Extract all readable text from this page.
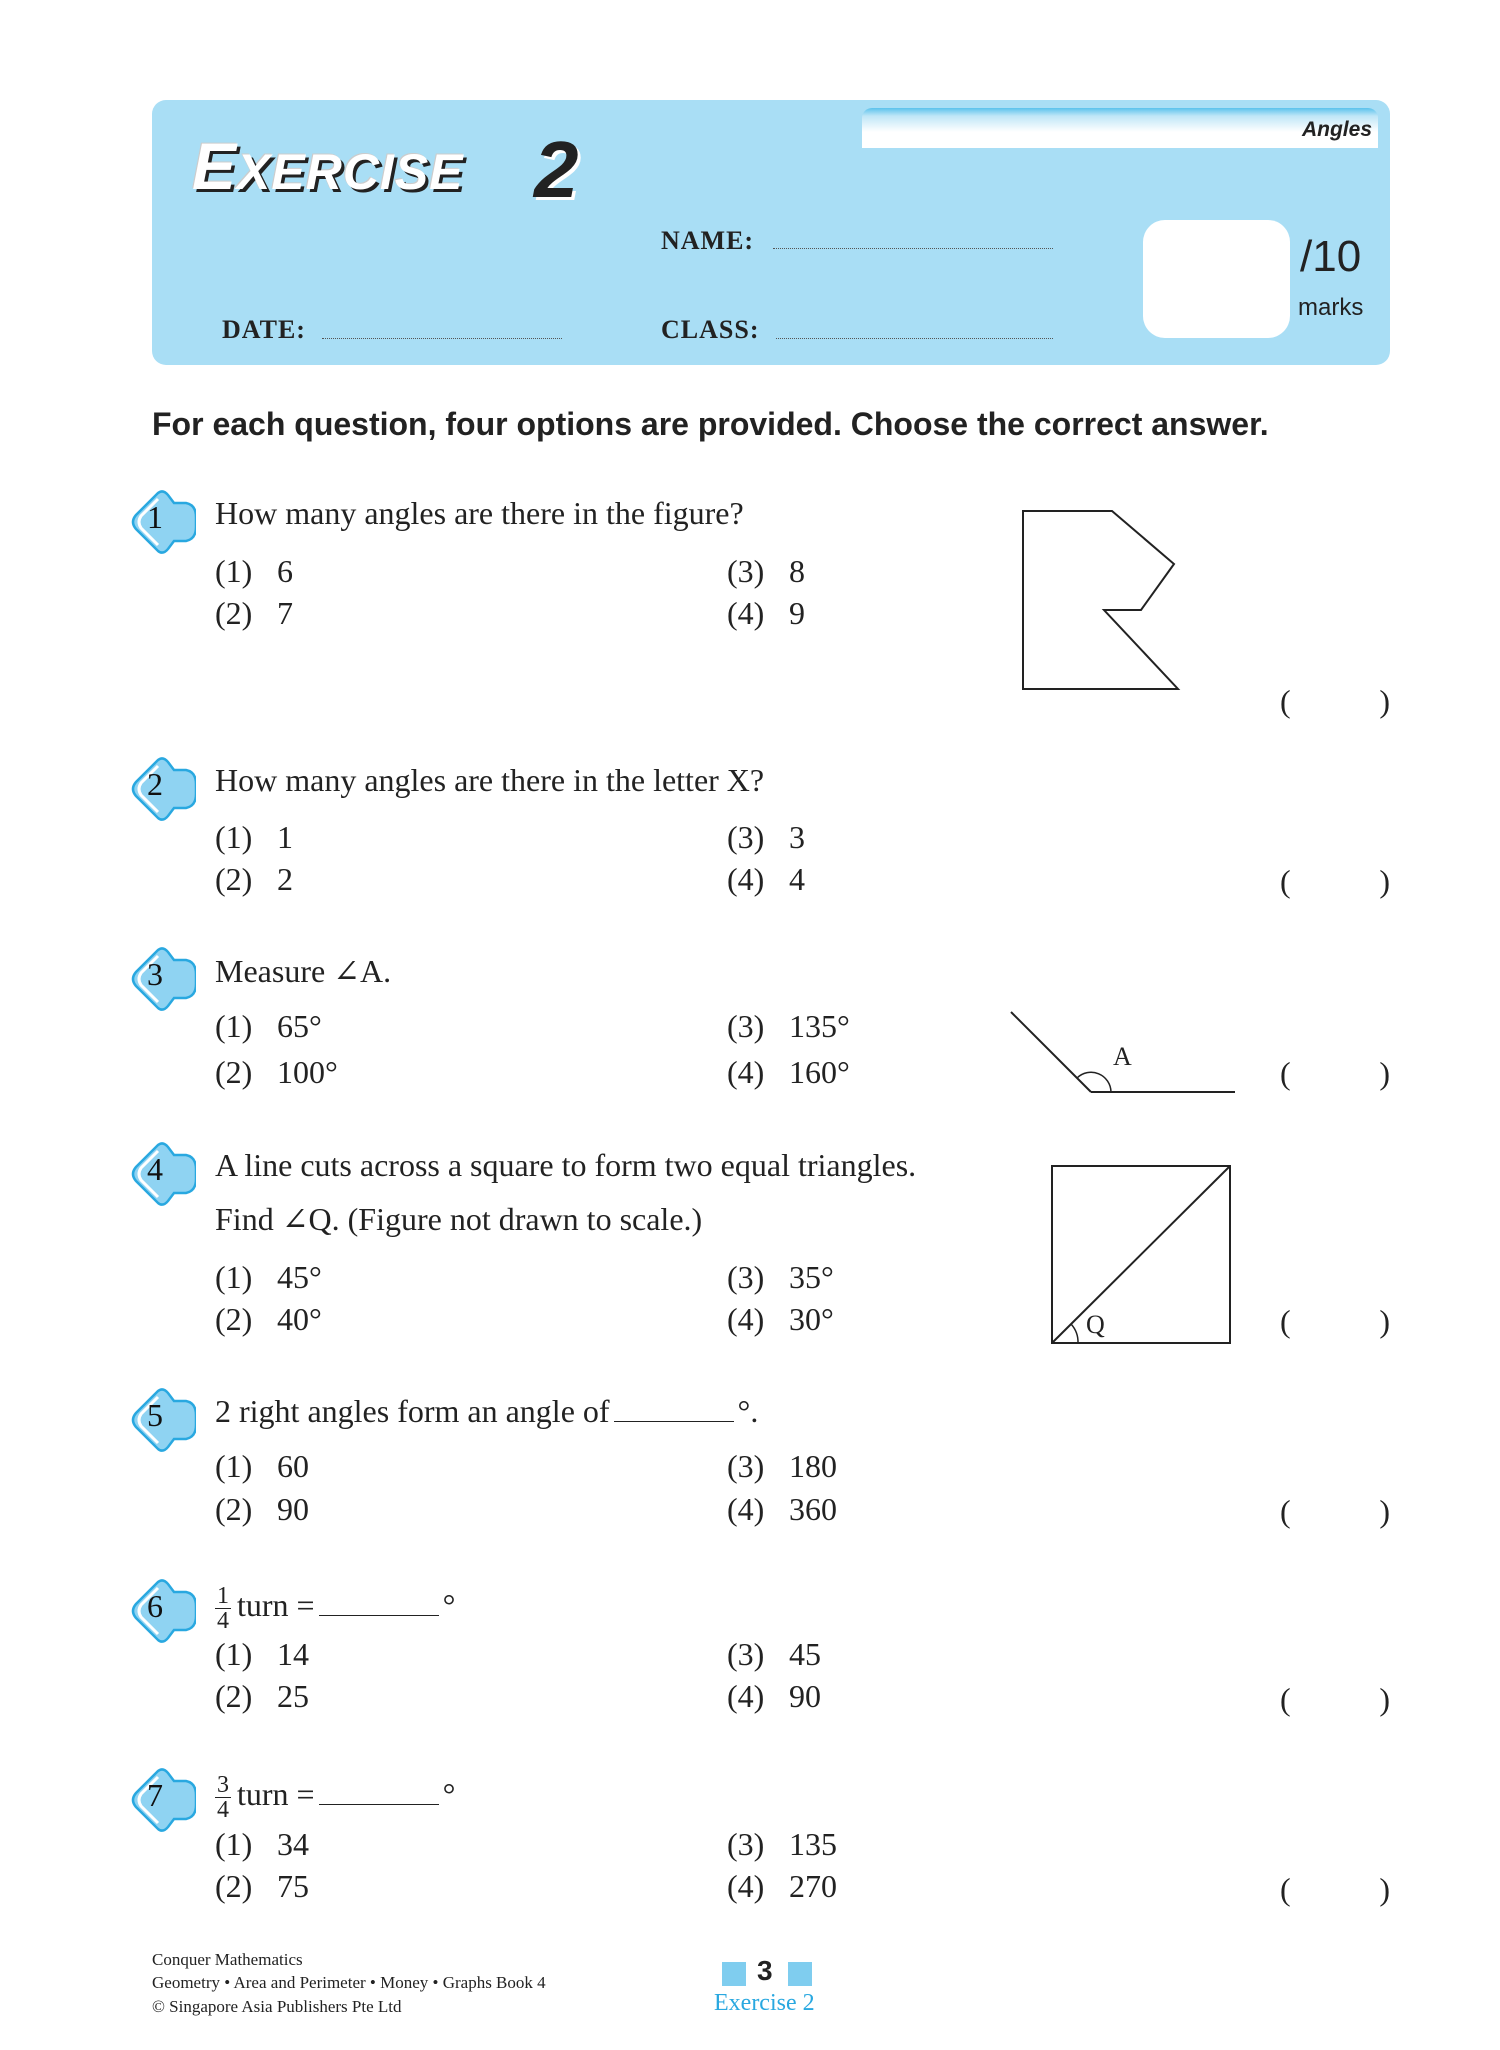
Angles
EXERCISE 2
NAME:
DATE:	CLASS:
/10
marks
For each question, four options are provided. Choose the correct answer.
1	How many angles are there in the figure?
(1) 6
(2) 7
(3) 8
(4) 9
(	)
2	How many angles are there in the letter X?
(1) 1
(2) 2
(3) 3
(4) 4	(	)
3	Measure ∠A.
(1) 65°
(2) 100°
(3) 135°
(4) 160°	(	)
4	A line cuts across a square to form two equal triangles.
Find ∠Q. (Figure not drawn to scale.)
(1) 45°
(2) 40°
(3) 35°
(4) 30°	(	)
5	2 right angles form an angle of	°.
(1) 60
(2) 90
(3) 180
(4) 360	(	)
6	$\frac{1}{4}$ turn =	°
(1) 14
(2) 25
(3) 45
(4) 90	(	)
7	$\frac{3}{4}$ turn =	°
(1) 34
(2) 75
(3) 135
(4) 270	(	)
A
Q
Conquer Mathematics
Geometry • Area and Perimeter • Money • Graphs Book 4
© Singapore Asia Publishers Pte Ltd
3
Exercise 2
